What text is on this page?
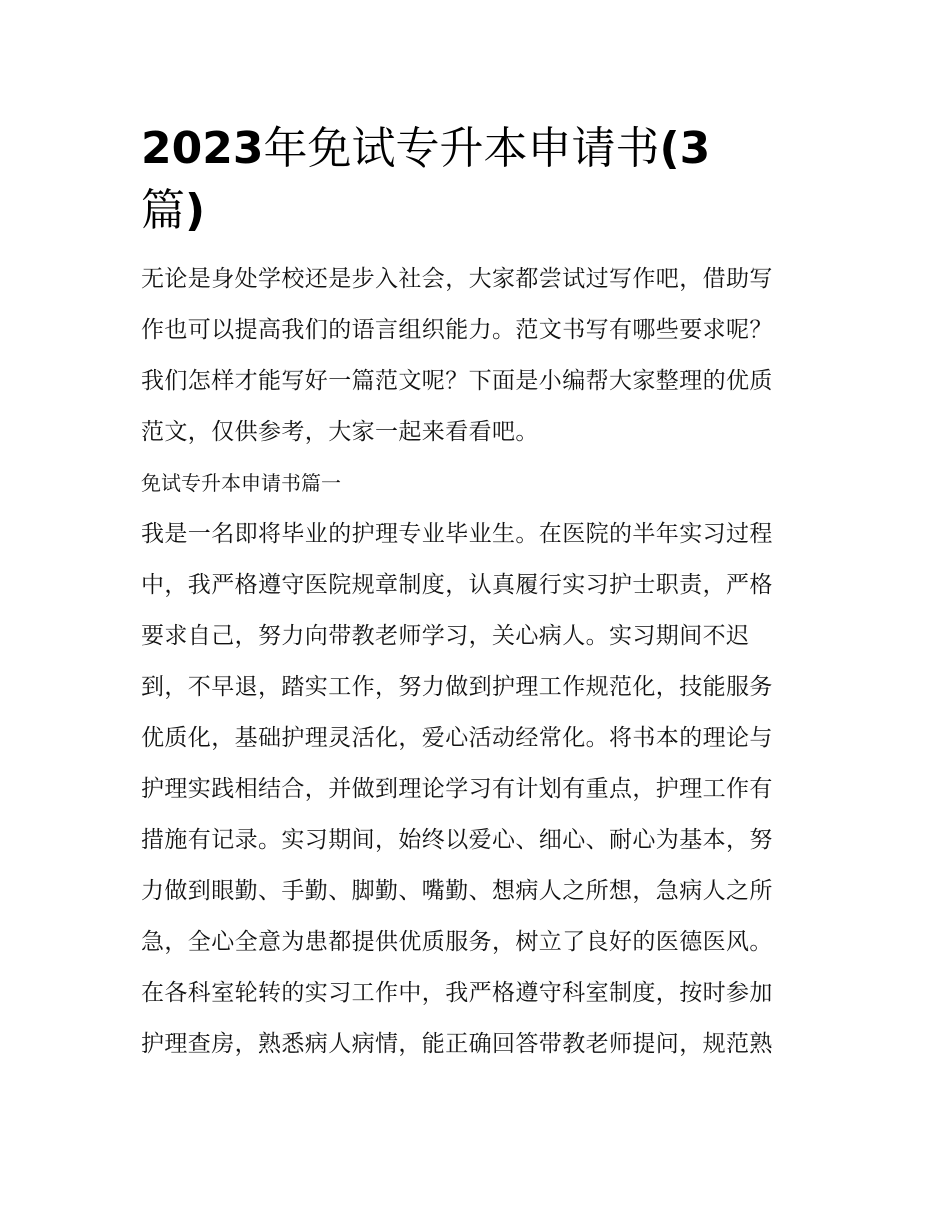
2023年免试专升本申请书(3
篇)

无论是身处学校还是步入社会，大家都尝试过写作吧，借助写
作也可以提高我们的语言组织能力。范文书写有哪些要求呢？
我们怎样才能写好一篇范文呢？下面是小编帮大家整理的优质
范文，仅供参考，大家一起来看看吧。

免试专升本申请书篇一

我是一名即将毕业的护理专业毕业生。在医院的半年实习过程
中，我严格遵守医院规章制度，认真履行实习护士职责，严格
要求自己，努力向带教老师学习，关心病人。实习期间不迟
到，不早退，踏实工作，努力做到护理工作规范化，技能服务
优质化，基础护理灵活化，爱心活动经常化。将书本的理论与
护理实践相结合，并做到理论学习有计划有重点，护理工作有
措施有记录。实习期间，始终以爱心、细心、耐心为基本，努
力做到眼勤、手勤、脚勤、嘴勤、想病人之所想，急病人之所
急，全心全意为患都提供优质服务，树立了良好的医德医风。
在各科室轮转的实习工作中，我严格遵守科室制度，按时参加
护理查房，熟悉病人病情，能正确回答带教老师提问，规范熟
